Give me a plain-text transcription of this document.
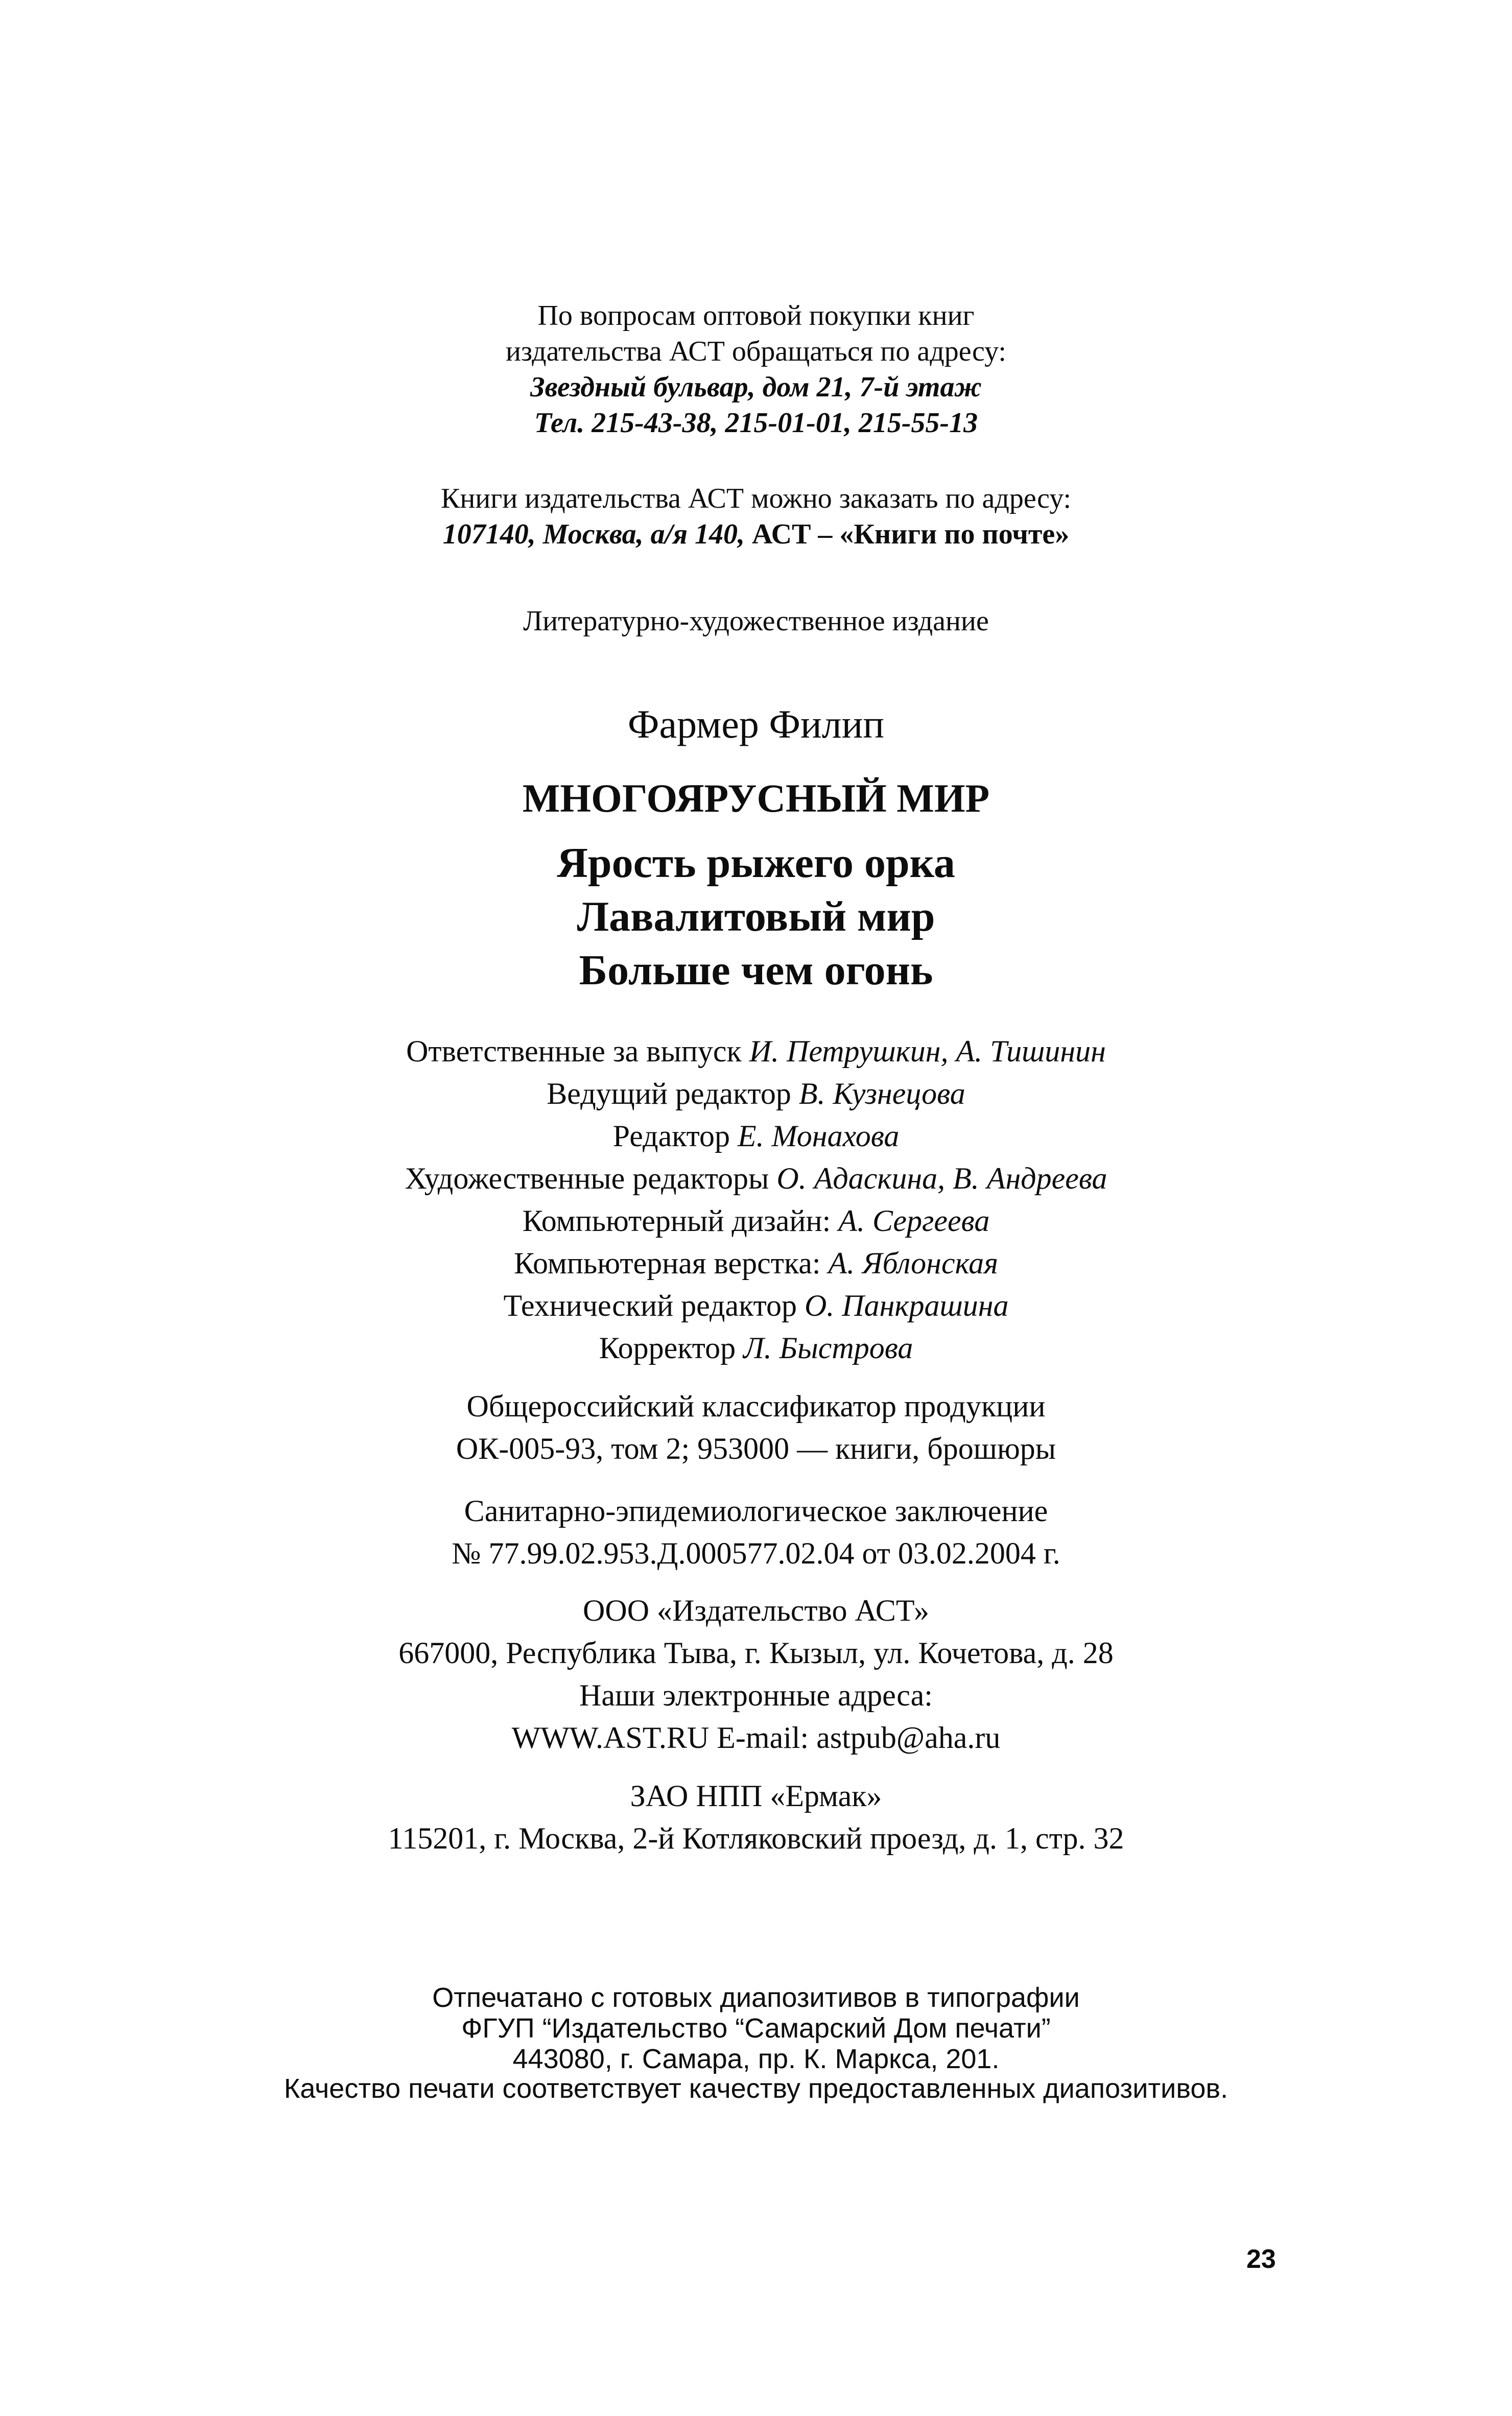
По вопросам оптовой покупки книг
издательства АСТ обращаться по адресу:
Звездный бульвар, дом 21, 7-й этаж
Тел. 215-43-38, 215-01-01, 215-55-13
Книги издательства АСТ можно заказать по адресу:
107140, Москва, а/я 140, АСТ – «Книги по почте»
Литературно-художественное издание
Фармер Филип
МНОГОЯРУСНЫЙ МИР
Ярость рыжего орка
Лавалитовый мир
Больше чем огонь
Ответственные за выпуск И. Петрушкин, А. Тишинин
Ведущий редактор В. Кузнецова
Редактор Е. Монахова
Художественные редакторы О. Адаскина, В. Андреева
Компьютерный дизайн: А. Сергеева
Компьютерная верстка: А. Яблонская
Технический редактор О. Панкрашина
Корректор Л. Быстрова
Общероссийский классификатор продукции
ОК-005-93, том 2; 953000 — книги, брошюры
Санитарно-эпидемиологическое заключение
№ 77.99.02.953.Д.000577.02.04 от 03.02.2004 г.
ООО «Издательство АСТ»
667000, Республика Тыва, г. Кызыл, ул. Кочетова, д. 28
Наши электронные адреса:
WWW.AST.RU E-mail: astpub@aha.ru
ЗАО НПП «Ермак»
115201, г. Москва, 2-й Котляковский проезд, д. 1, стр. 32
Отпечатано с готовых диапозитивов в типографии
ФГУП “Издательство “Самарский Дом печати”
443080, г. Самара, пр. К. Маркса, 201.
Качество печати соответствует качеству предоставленных диапозитивов.
23
